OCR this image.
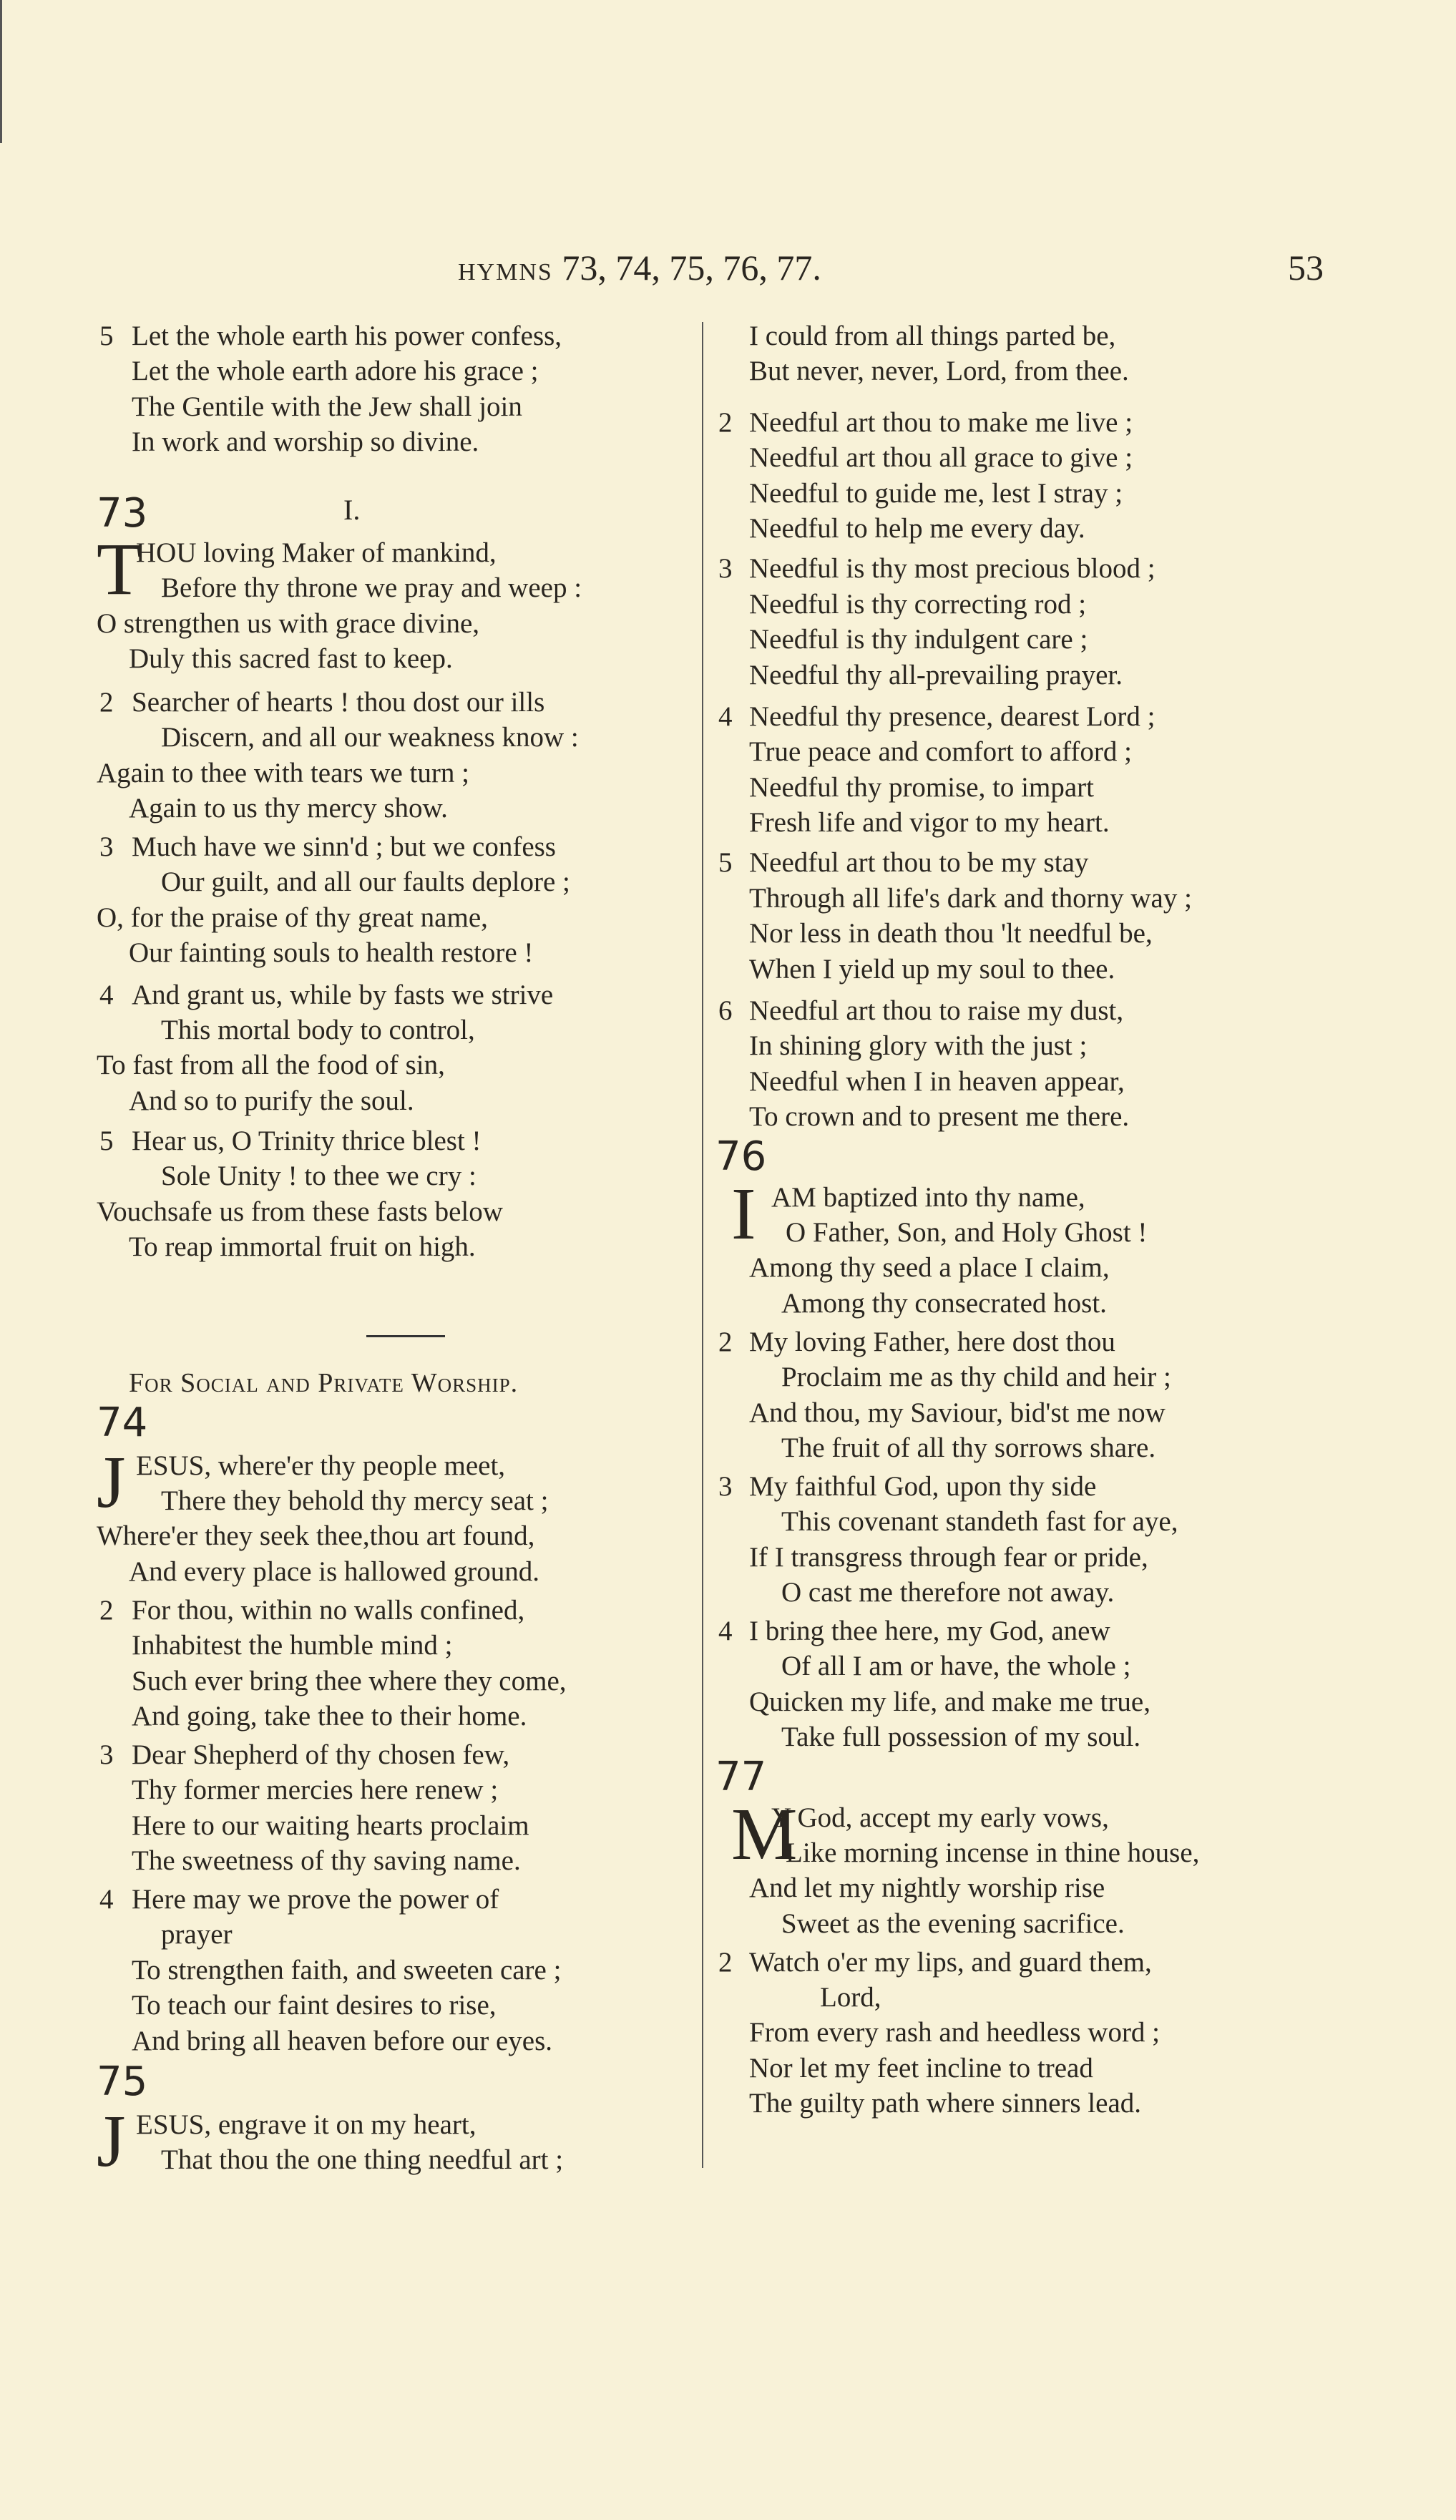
HYMNS 73, 74, 75, 76, 77.	53
5 Let the whole earth his power confess,
Let the whole earth adore his grace ;
The Gentile with the Jew shall join
In work and worship so divine.
73	I.
T
HOU loving Maker of mankind,
Before thy throne we pray and weep :
O strengthen us with grace divine,
Duly this sacred fast to keep.
2 Searcher of hearts ! thou dost our ills
Discern, and all our weakness know :
Again to thee with tears we turn ;
Again to us thy mercy show.
3 Much have we sinn'd ; but we confess
Our guilt, and all our faults deplore ;
O, for the praise of thy great name,
Our fainting souls to health restore !
4 And grant us, while by fasts we strive
This mortal body to control,
To fast from all the food of sin,
And so to purify the soul.
5 Hear us, O Trinity thrice blest !
Sole Unity ! to thee we cry :
Vouchsafe us from these fasts below
To reap immortal fruit on high.
For Social and Private Worship.
74
J ESUS, where'er thy people meet,
There they behold thy mercy seat ;
Where'er they seek thee,thou art found,
And every place is hallowed ground.
2 For thou, within no walls confined,
Inhabitest the humble mind ;
Such ever bring thee where they come,
And going, take thee to their home.
3 Dear Shepherd of thy chosen few,
Thy former mercies here renew ;
Here to our waiting hearts proclaim
The sweetness of thy saving name.
4 Here may we prove the power of
prayer
To strengthen faith, and sweeten care ;
To teach our faint desires to rise,
And bring all heaven before our eyes.
75
J ESUS, engrave it on my heart,
That thou the one thing needful art ;
I could from all things parted be,
But never, never, Lord, from thee.
2 Needful art thou to make me live ;
Needful art thou all grace to give ;
Needful to guide me, lest I stray ;
Needful to help me every day.
3 Needful is thy most precious blood ;
Needful is thy correcting rod ;
Needful is thy indulgent care ;
Needful thy all-prevailing prayer.
4 Needful thy presence, dearest Lord ;
True peace and comfort to afford ;
Needful thy promise, to impart
Fresh life and vigor to my heart.
5 Needful art thou to be my stay
Through all life's dark and thorny way ;
Nor less in death thou 'lt needful be,
When I yield up my soul to thee.
6 Needful art thou to raise my dust,
In shining glory with the just ;
Needful when I in heaven appear,
To crown and to present me there.
76
I AM baptized into thy name,
O Father, Son, and Holy Ghost !
Among thy seed a place I claim,
Among thy consecrated host.
2 My loving Father, here dost thou
Proclaim me as thy child and heir ;
And thou, my Saviour, bid'st me now
The fruit of all thy sorrows share.
3 My faithful God, upon thy side
This covenant standeth fast for aye,
If I transgress through fear or pride,
O cast me therefore not away.
4 I bring thee here, my God, anew
Of all I am or have, the whole ;
Quicken my life, and make me true,
Take full possession of my soul.
77
M
Y God, accept my early vows,
Like morning incense in thine house,
And let my nightly worship rise
Sweet as the evening sacrifice.
2 Watch o'er my lips, and guard them,
Lord,
From every rash and heedless word ;
Nor let my feet incline to tread
The guilty path where sinners lead.
